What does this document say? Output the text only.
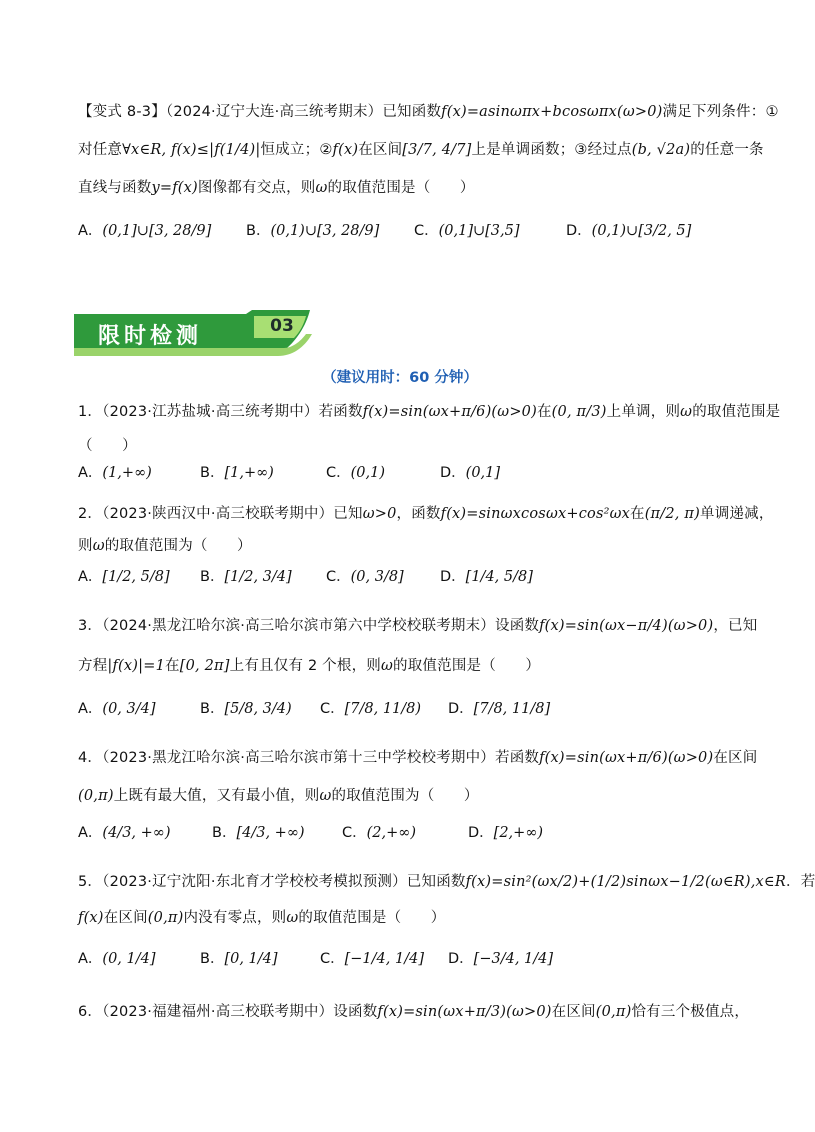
【变式 8-3】（2024·辽宁大连·高三统考期末）已知函数f(x)=asinωπx+bcosωπx(ω>0)满足下列条件：①
对任意∀x∈R, f(x)≤|f(1/4)|恒成立；②f(x)在区间[3/7, 4/7]上是单调函数；③经过点(b, √2a)的任意一条
直线与函数y=f(x)图像都有交点，则ω的取值范围是（　　）
A．(0,1]∪[3, 28/9] B．(0,1)∪[3, 28/9] C．(0,1]∪[3,5]	D．(0,1)∪[3/2, 5]
限时检测	03
（建议用时：60 分钟）
1．（2023·江苏盐城·高三统考期中）若函数f(x)=sin(ωx+π/6)(ω>0)在(0, π/3)上单调，则ω的取值范围是
（　　）
A．(1,+∞)	B．[1,+∞)	C．(0,1)	D．(0,1]
2．（2023·陕西汉中·高三校联考期中）已知ω>0，函数f(x)=sinωxcosωx+cos²ωx在(π/2, π)单调递减，
则ω的取值范围为（　　）
A．[1/2, 5/8] B．[1/2, 3/4] C．(0, 3/8]	D．[1/4, 5/8]
3．（2024·黑龙江哈尔滨·高三哈尔滨市第六中学校校联考期末）设函数f(x)=sin(ωx−π/4)(ω>0)，已知
方程|f(x)|=1在[0, 2π]上有且仅有 2 个根，则ω的取值范围是（　　）
A．(0, 3/4]	B．[5/8, 3/4) C．[7/8, 11/8) D．[7/8, 11/8]
4．（2023·黑龙江哈尔滨·高三哈尔滨市第十三中学校校考期中）若函数f(x)=sin(ωx+π/6)(ω>0)在区间
(0,π)上既有最大值，又有最小值，则ω的取值范围为（　　）
A．(4/3, +∞)	B．[4/3, +∞)	C．(2,+∞)	D．[2,+∞)
5．（2023·辽宁沈阳·东北育才学校校考模拟预测）已知函数f(x)=sin²(ωx/2)+(1/2)sinωx−1/2(ω∈R),x∈R．若
f(x)在区间(0,π)内没有零点，则ω的取值范围是（　　）
A．(0, 1/4]	B．[0, 1/4]	C．[−1/4, 1/4] D．[−3/4, 1/4]
6．（2023·福建福州·高三校联考期中）设函数f(x)=sin(ωx+π/3)(ω>0)在区间(0,π)恰有三个极值点，
